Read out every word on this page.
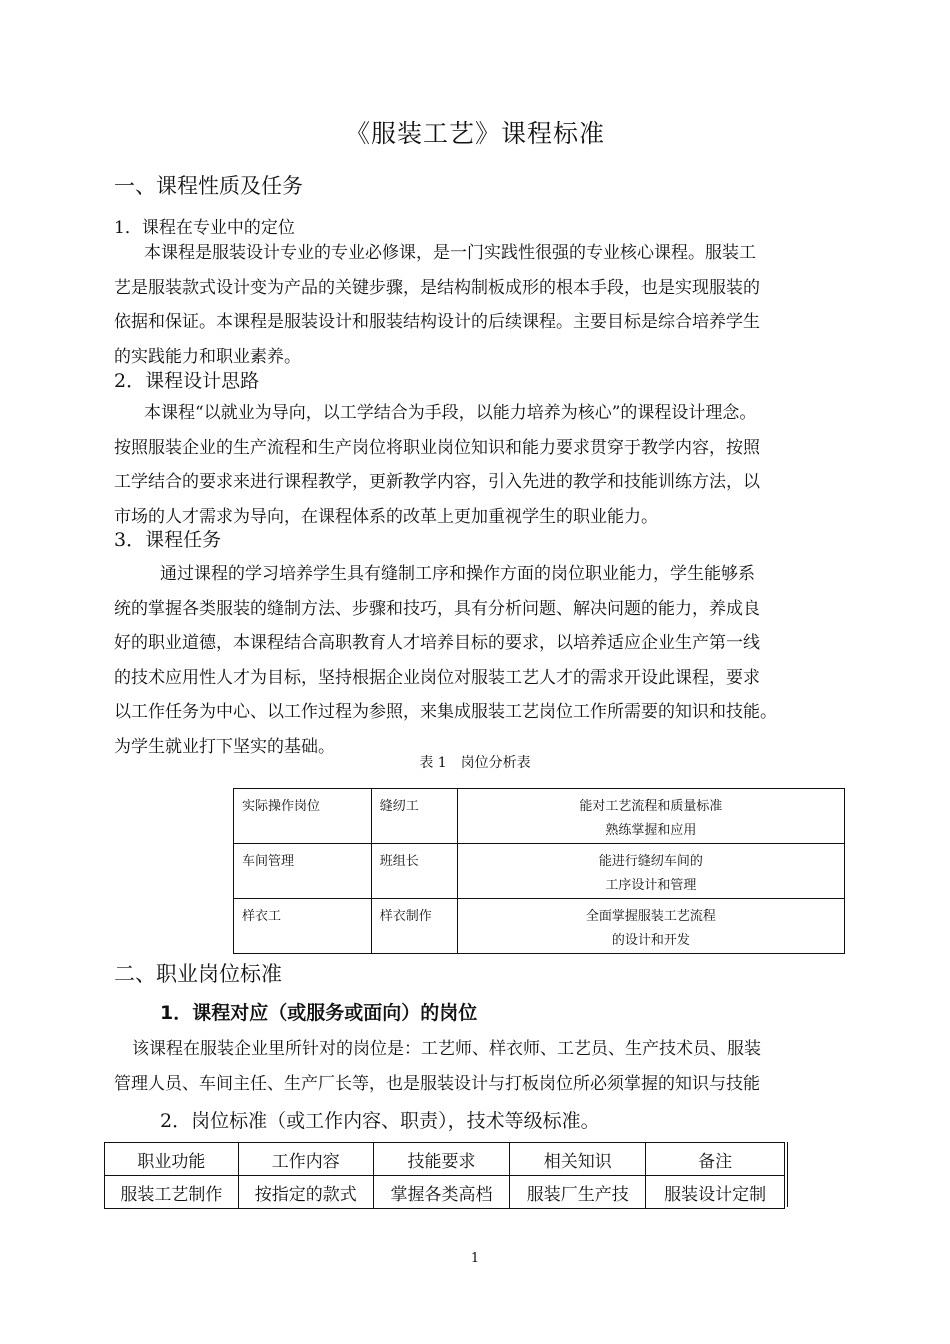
《服装工艺》课程标准
一、课程性质及任务
1．课程在专业中的定位
本课程是服装设计专业的专业必修课，是一门实践性很强的专业核心课程。服装工
艺是服装款式设计变为产品的关键步骤，是结构制板成形的根本手段，也是实现服装的
依据和保证。本课程是服装设计和服装结构设计的后续课程。主要目标是综合培养学生
的实践能力和职业素养。
2．课程设计思路
本课程“以就业为导向，以工学结合为手段，以能力培养为核心”的课程设计理念。
按照服装企业的生产流程和生产岗位将职业岗位知识和能力要求贯穿于教学内容，按照
工学结合的要求来进行课程教学，更新教学内容，引入先进的教学和技能训练方法，以
市场的人才需求为导向，在课程体系的改革上更加重视学生的职业能力。
3．课程任务
通过课程的学习培养学生具有缝制工序和操作方面的岗位职业能力，学生能够系
统的掌握各类服装的缝制方法、步骤和技巧，具有分析问题、解决问题的能力，养成良
好的职业道德，本课程结合高职教育人才培养目标的要求，以培养适应企业生产第一线
的技术应用性人才为目标，坚持根据企业岗位对服装工艺人才的需求开设此课程，要求
以工作任务为中心、以工作过程为参照，来集成服装工艺岗位工作所需要的知识和技能。
为学生就业打下坚实的基础。
表 1　岗位分析表
实际操作岗位	缝纫工	能对工艺流程和质量标准
熟练掌握和应用

车间管理	班组长	能进行缝纫车间的
工序设计和管理

样衣工	样衣制作	全面掌握服装工艺流程
的设计和开发
二、职业岗位标准
1．课程对应（或服务或面向）的岗位
该课程在服装企业里所针对的岗位是：工艺师、样衣师、工艺员、生产技术员、服装
管理人员、车间主任、生产厂长等，也是服装设计与打板岗位所必须掌握的知识与技能
2．岗位标准（或工作内容、职责），技术等级标准。
职业功能	工作内容	技能要求	相关知识	备注
服装工艺制作	按指定的款式	掌握各类高档	服装厂生产技	服装设计定制
1
